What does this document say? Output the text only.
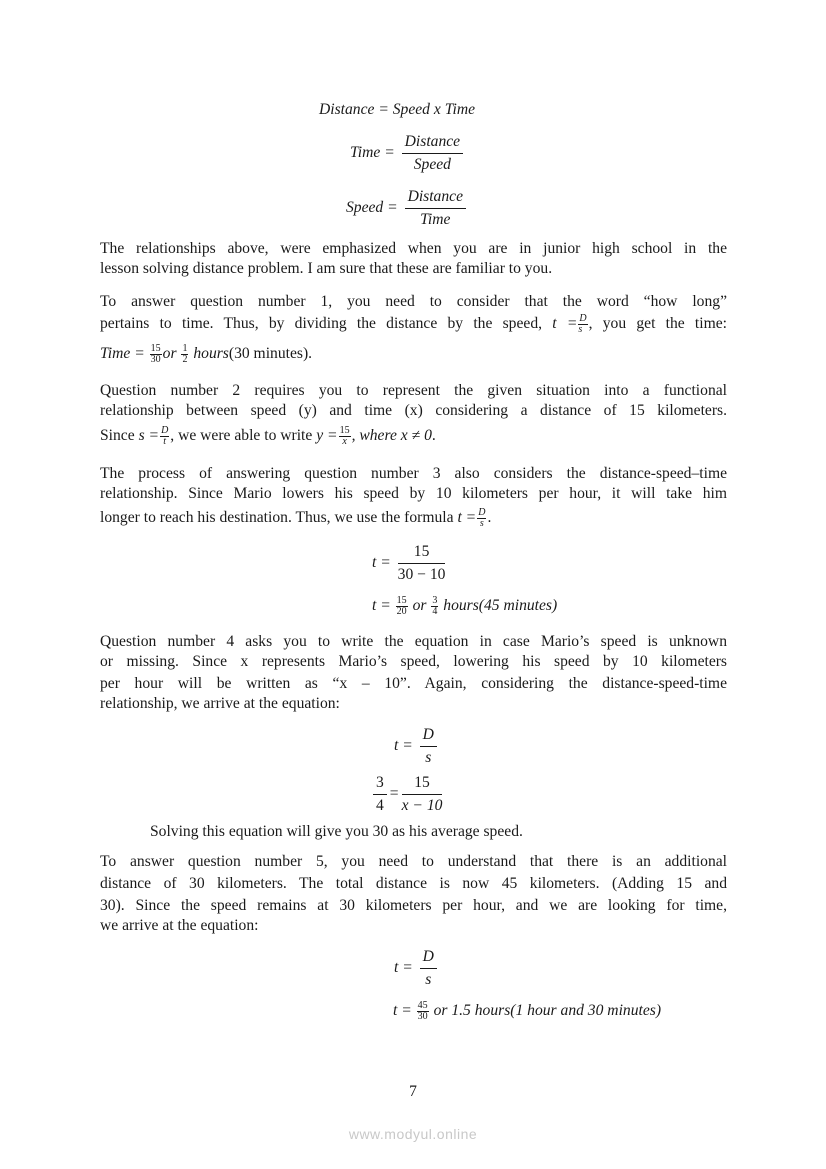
Distance = Speed x Time
Time = $\frac{\text{Distance}}{\text{Speed}}$
Speed = $\frac{\text{Distance}}{\text{Time}}$
The relationships above, were emphasized when you are in junior high school in the
lesson solving distance problem. I am sure that these are familiar to you.
To answer question number 1, you need to consider that the word “how long”
pertains to time. Thus, by dividing the distance by the speed, $t = \frac{D}{s}$ , you get the time:
Time = $\frac{15}{30}$ or $\frac{1}{2}$ hours(30 minutes).
Question number 2 requires you to represent the given situation into a functional
relationship between speed (y) and time (x) considering a distance of 15 kilometers.
Since $s = \frac{D}{t}$ , we were able to write $y = \frac{15}{x}$ , where x ≠ 0.
The process of answering question number 3 also considers the distance-speed–time
relationship. Since Mario lowers his speed by 10 kilometers per hour, it will take him
longer to reach his destination. Thus, we use the formula $t = \frac{D}{s}$ .
$t = \frac{15}{30 - 10}$
$t = \frac{15}{20}$ or $\frac{3}{4}$ hours(45 minutes)
Question number 4 asks you to write the equation in case Mario’s speed is unknown
or missing. Since x represents Mario’s speed, lowering his speed by 10 kilometers
per hour will be written as “x – 10”. Again, considering the distance-speed-time
relationship, we arrive at the equation:
$t = \frac{D}{s}$
$\frac{3}{4} = \frac{15}{x - 10}$
Solving this equation will give you 30 as his average speed.
To answer question number 5, you need to understand that there is an additional
distance of 30 kilometers. The total distance is now 45 kilometers. (Adding 15 and
30). Since the speed remains at 30 kilometers per hour, and we are looking for time,
we arrive at the equation:
$t = \frac{D}{s}$
$t = \frac{45}{30}$ or 1.5 hours(1 hour and 30 minutes)
7
www.modyul.online
